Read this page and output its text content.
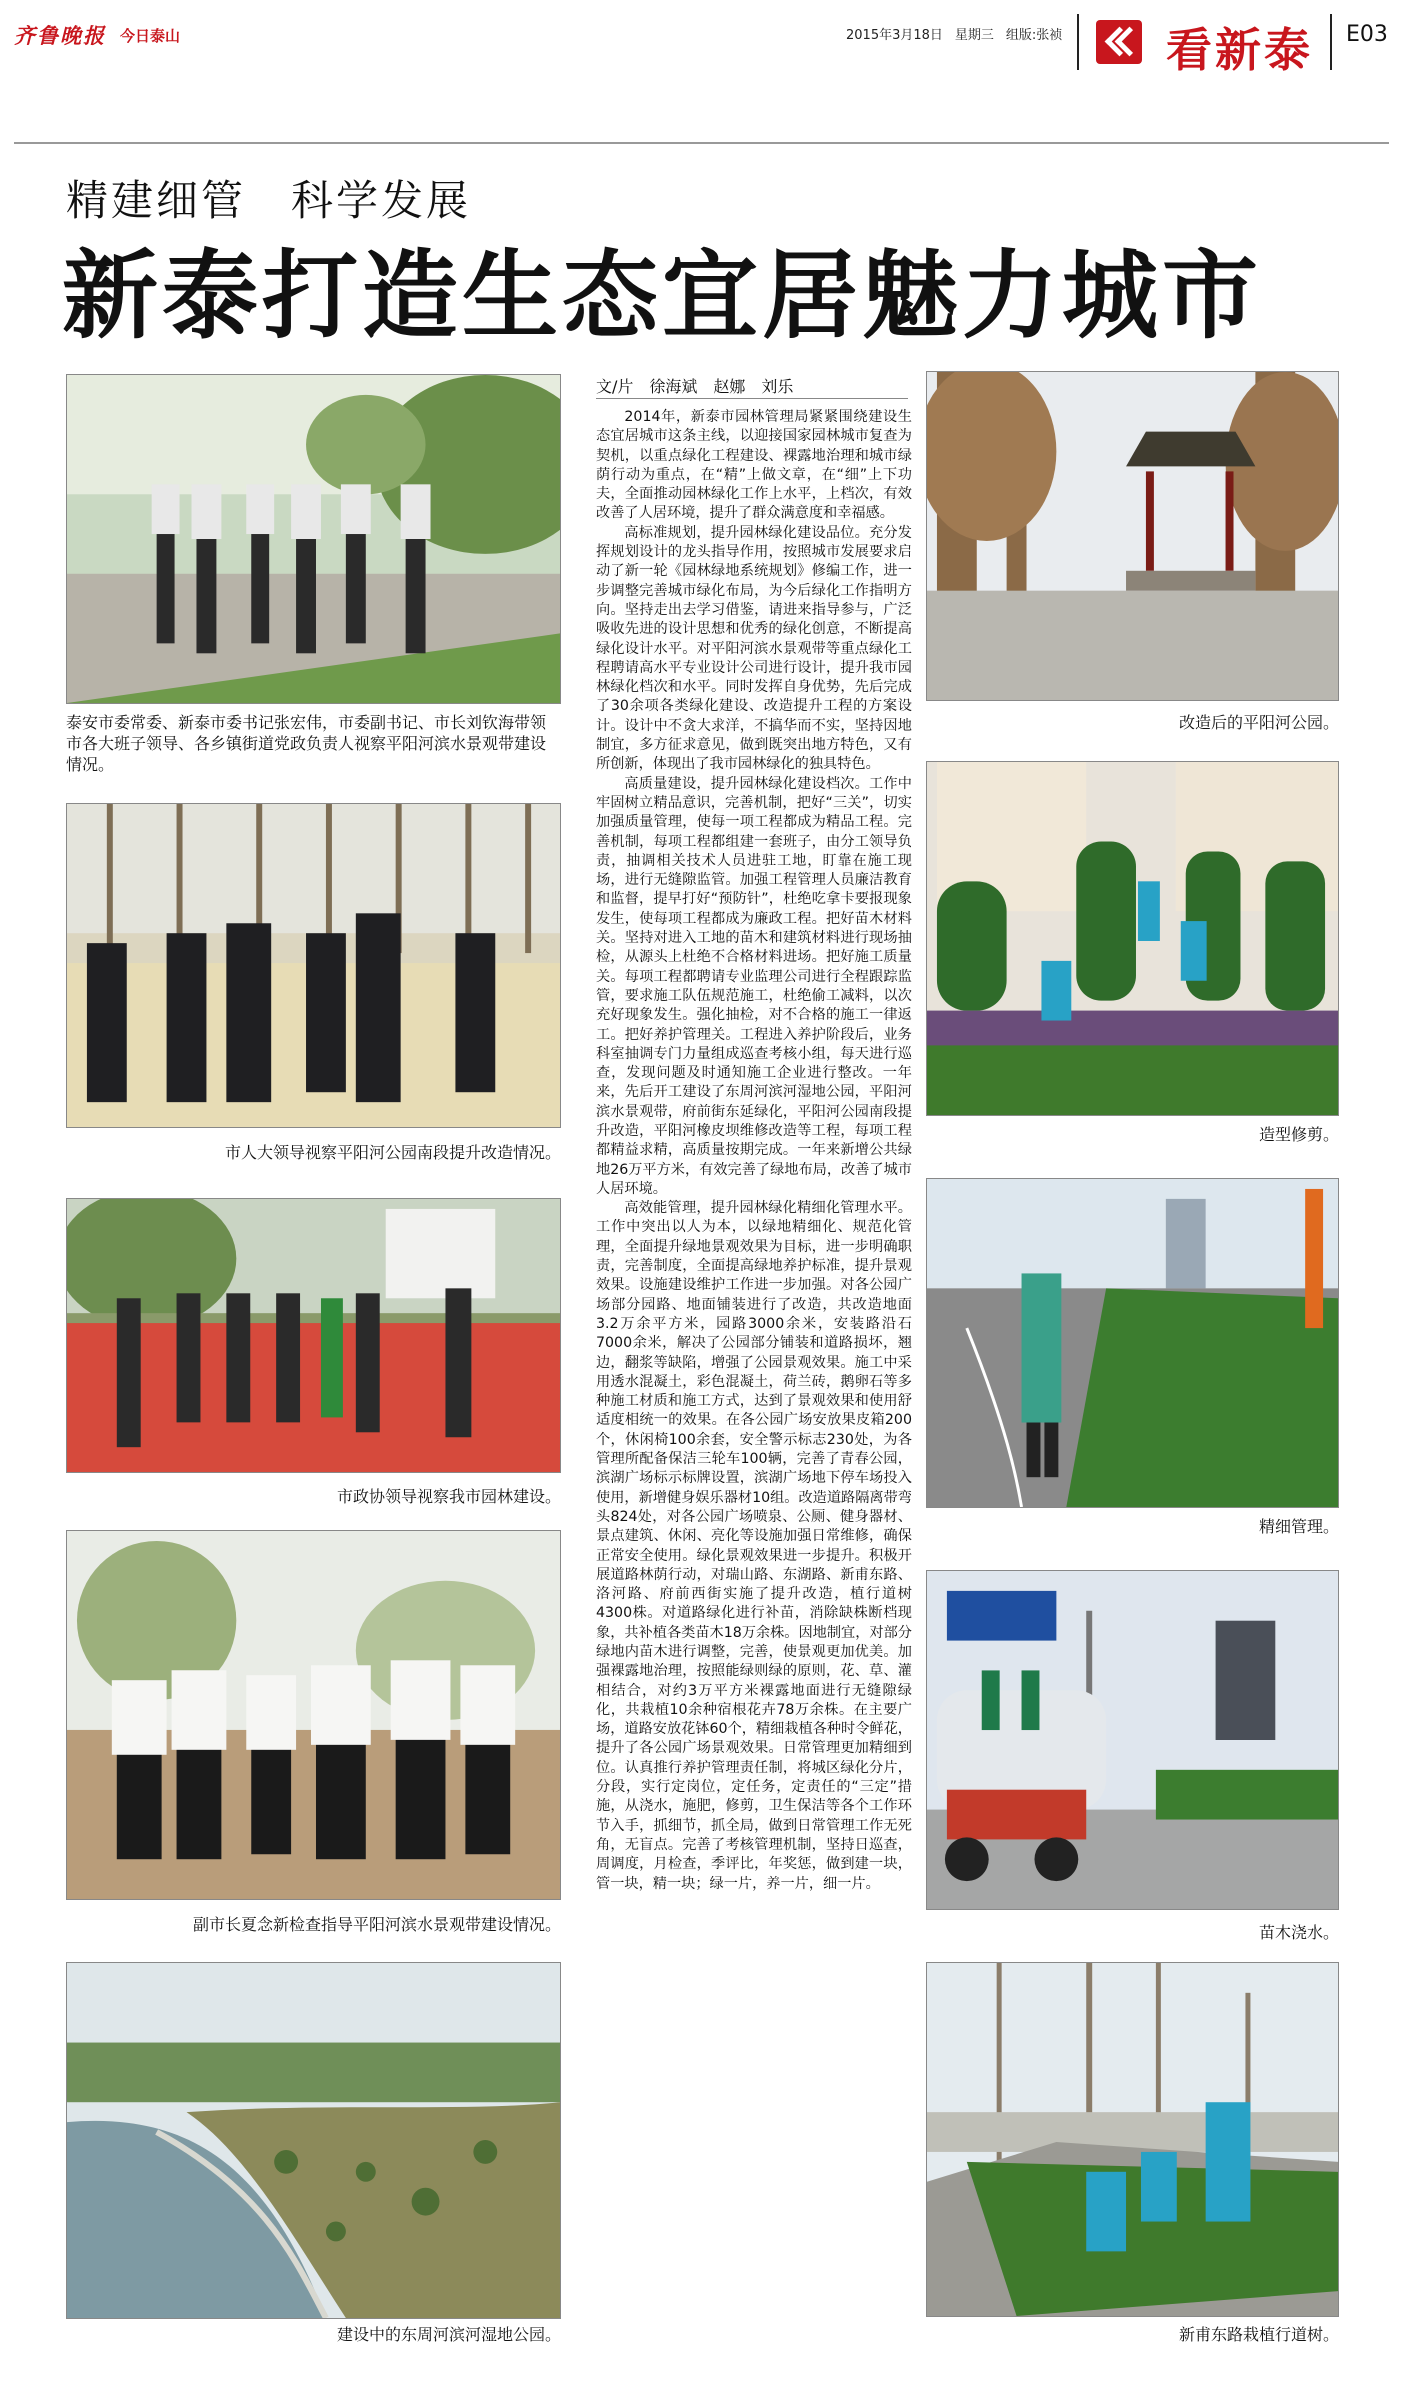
齐鲁晚报 今日泰山	2015年3月18日 星期三 组版:张祯 看新泰 E03
精建细管　科学发展
新泰打造生态宜居魅力城市
泰安市委常委、新泰市委书记张宏伟，市委副书记、市长刘钦海带领市各大班子领导、各乡镇街道党政负责人视察平阳河滨水景观带建设情况。
市人大领导视察平阳河公园南段提升改造情况。
市政协领导视察我市园林建设。
副市长夏念新检查指导平阳河滨水景观带建设情况。
建设中的东周河滨河湿地公园。
文/片　徐海斌　赵娜　刘乐

2014年，新泰市园林管理局紧紧围绕建设生态宜居城市这条主线，以迎接国家园林城市复查为契机，以重点绿化工程建设、裸露地治理和城市绿荫行动为重点，在“精”上做文章，在“细”上下功夫，全面推动园林绿化工作上水平，上档次，有效改善了人居环境，提升了群众满意度和幸福感。

高标准规划，提升园林绿化建设品位。充分发挥规划设计的龙头指导作用，按照城市发展要求启动了新一轮《园林绿地系统规划》修编工作，进一步调整完善城市绿化布局，为今后绿化工作指明方向。坚持走出去学习借鉴，请进来指导参与，广泛吸收先进的设计思想和优秀的绿化创意，不断提高绿化设计水平。对平阳河滨水景观带等重点绿化工程聘请高水平专业设计公司进行设计，提升我市园林绿化档次和水平。同时发挥自身优势，先后完成了30余项各类绿化建设、改造提升工程的方案设计。设计中不贪大求洋，不搞华而不实，坚持因地制宜，多方征求意见，做到既突出地方特色，又有所创新，体现出了我市园林绿化的独具特色。

高质量建设，提升园林绿化建设档次。工作中牢固树立精品意识，完善机制，把好“三关”，切实加强质量管理，使每一项工程都成为精品工程。完善机制，每项工程都组建一套班子，由分工领导负责，抽调相关技术人员进驻工地，盯靠在施工现场，进行无缝隙监管。加强工程管理人员廉洁教育和监督，提早打好“预防针”，杜绝吃拿卡要报现象发生，使每项工程都成为廉政工程。把好苗木材料关。坚持对进入工地的苗木和建筑材料进行现场抽检，从源头上杜绝不合格材料进场。把好施工质量关。每项工程都聘请专业监理公司进行全程跟踪监管，要求施工队伍规范施工，杜绝偷工减料，以次充好现象发生。强化抽检，对不合格的施工一律返工。把好养护管理关。工程进入养护阶段后，业务科室抽调专门力量组成巡查考核小组，每天进行巡查，发现问题及时通知施工企业进行整改。一年来，先后开工建设了东周河滨河湿地公园，平阳河滨水景观带，府前街东延绿化，平阳河公园南段提升改造，平阳河橡皮坝维修改造等工程，每项工程都精益求精，高质量按期完成。一年来新增公共绿地26万平方米，有效完善了绿地布局，改善了城市人居环境。

高效能管理，提升园林绿化精细化管理水平。工作中突出以人为本，以绿地精细化、规范化管理，全面提升绿地景观效果为目标，进一步明确职责，完善制度，全面提高绿地养护标准，提升景观效果。设施建设维护工作进一步加强。对各公园广场部分园路、地面铺装进行了改造，共改造地面3.2万余平方米，园路3000余米，安装路沿石7000余米，解决了公园部分铺装和道路损坏，翘边，翻浆等缺陷，增强了公园景观效果。施工中采用透水混凝土，彩色混凝土，荷兰砖，鹅卵石等多种施工材质和施工方式，达到了景观效果和使用舒适度相统一的效果。在各公园广场安放果皮箱200个，休闲椅100余套，安全警示标志230处，为各管理所配备保洁三轮车100辆，完善了青春公园，滨湖广场标示标牌设置，滨湖广场地下停车场投入使用，新增健身娱乐器材10组。改造道路隔离带弯头824处，对各公园广场喷泉、公厕、健身器材、景点建筑、休闲、亮化等设施加强日常维修，确保正常安全使用。绿化景观效果进一步提升。积极开展道路林荫行动，对瑞山路、东湖路、新甫东路、洛河路、府前西街实施了提升改造，植行道树4300株。对道路绿化进行补苗，消除缺株断档现象，共补植各类苗木18万余株。因地制宜，对部分绿地内苗木进行调整，完善，使景观更加优美。加强裸露地治理，按照能绿则绿的原则，花、草、灌相结合，对约3万平方米裸露地面进行无缝隙绿化，共栽植10余种宿根花卉78万余株。在主要广场，道路安放花钵60个，精细栽植各种时令鲜花，提升了各公园广场景观效果。日常管理更加精细到位。认真推行养护管理责任制，将城区绿化分片，分段，实行定岗位，定任务，定责任的“三定”措施，从浇水，施肥，修剪，卫生保洁等各个工作环节入手，抓细节，抓全局，做到日常管理工作无死角，无盲点。完善了考核管理机制，坚持日巡查，周调度，月检查，季评比，年奖惩，做到建一块，管一块，精一块；绿一片，养一片，细一片。

改造后的平阳河公园。
造型修剪。
精细管理。
苗木浇水。
新甫东路栽植行道树。
